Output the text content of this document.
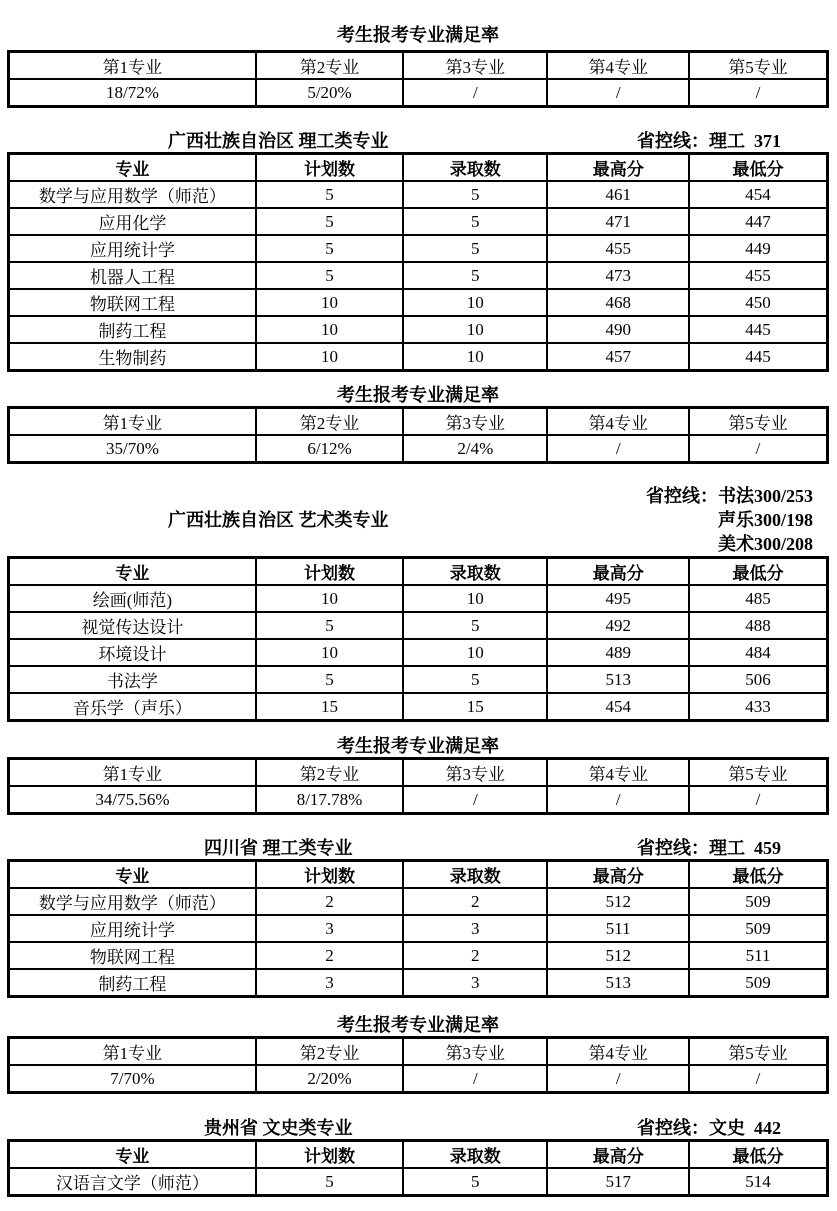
考生报考专业满足率
第1专业	第2专业	第3专业	第4专业	第5专业
18/72%	5/20%	/	/	/
广西壮族自治区 理工类专业	省控线：理工  371
专业	计划数	录取数	最高分	最低分
数学与应用数学（师范）	5	5	461	454
应用化学	5	5	471	447
应用统计学	5	5	455	449
机器人工程	5	5	473	455
物联网工程	10	10	468	450
制药工程	10	10	490	445
生物制药	10	10	457	445
考生报考专业满足率
第1专业	第2专业	第3专业	第4专业	第5专业
35/70%	6/12%	2/4%	/	/
广西壮族自治区 艺术类专业
省控线：书法300/253
声乐300/198
美术300/208
专业	计划数	录取数	最高分	最低分
绘画(师范)	10	10	495	485
视觉传达设计	5	5	492	488
环境设计	10	10	489	484
书法学	5	5	513	506
音乐学（声乐）	15	15	454	433
考生报考专业满足率
第1专业	第2专业	第3专业	第4专业	第5专业
34/75.56%	8/17.78%	/	/	/
四川省 理工类专业	省控线：理工  459
专业	计划数	录取数	最高分	最低分
数学与应用数学（师范）	2	2	512	509
应用统计学	3	3	511	509
物联网工程	2	2	512	511
制药工程	3	3	513	509
考生报考专业满足率
第1专业	第2专业	第3专业	第4专业	第5专业
7/70%	2/20%	/	/	/
贵州省 文史类专业	省控线：文史  442
专业	计划数	录取数	最高分	最低分
汉语言文学（师范）	5	5	517	514
